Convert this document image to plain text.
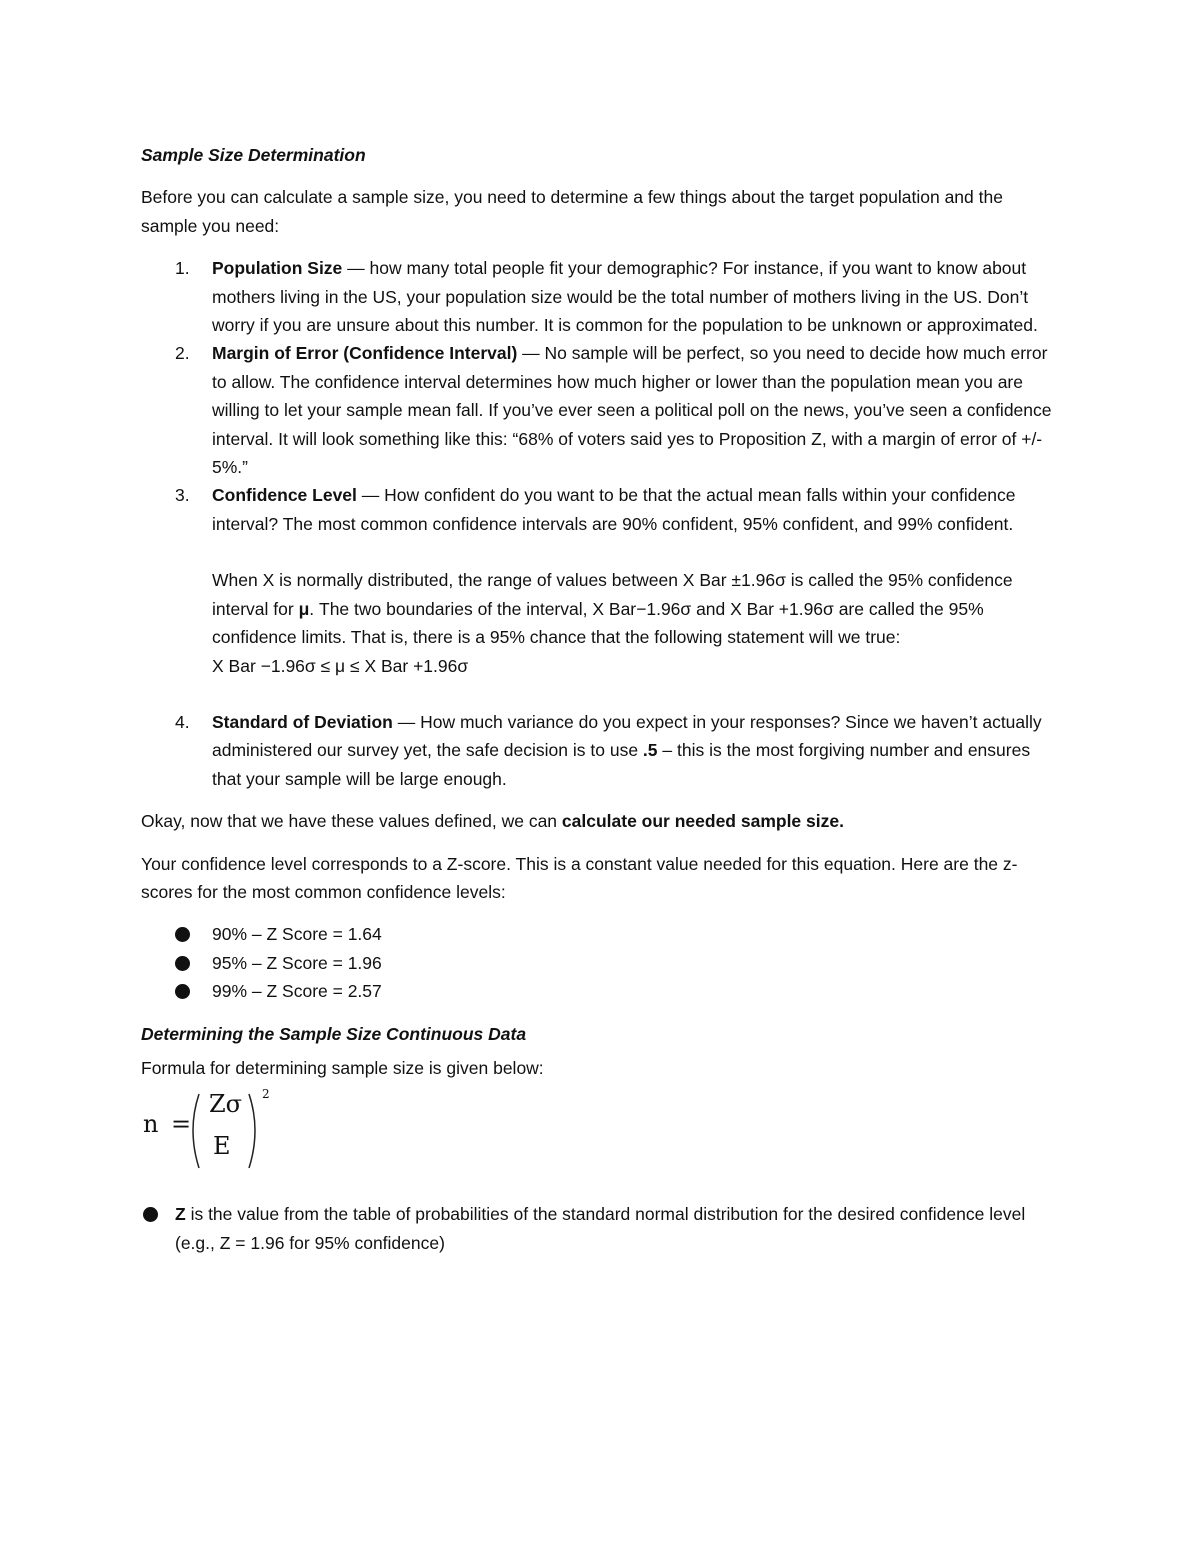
Sample Size Determination

Before you can calculate a sample size, you need to determine a few things about the target population and the sample you need:

1. Population Size — how many total people fit your demographic? For instance, if you want to know about mothers living in the US, your population size would be the total number of mothers living in the US. Don’t worry if you are unsure about this number. It is common for the population to be unknown or approximated.
2. Margin of Error (Confidence Interval) — No sample will be perfect, so you need to decide how much error to allow. The confidence interval determines how much higher or lower than the population mean you are willing to let your sample mean fall. If you’ve ever seen a political poll on the news, you’ve seen a confidence interval. It will look something like this: “68% of voters said yes to Proposition Z, with a margin of error of +/- 5%.”
3. Confidence Level — How confident do you want to be that the actual mean falls within your confidence interval? The most common confidence intervals are 90% confident, 95% confident, and 99% confident.

When X is normally distributed, the range of values between X Bar ±1.96σ is called the 95% confidence interval for μ. The two boundaries of the interval, X Bar−1.96σ and X Bar +1.96σ are called the 95% confidence limits. That is, there is a 95% chance that the following statement will we true:

X Bar −1.96σ ≤ μ ≤ X Bar +1.96σ

4. Standard of Deviation — How much variance do you expect in your responses? Since we haven’t actually administered our survey yet, the safe decision is to use .5 – this is the most forgiving number and ensures that your sample will be large enough.

Okay, now that we have these values defined, we can calculate our needed sample size.

Your confidence level corresponds to a Z-score. This is a constant value needed for this equation. Here are the z-scores for the most common confidence levels:

90% – Z Score = 1.64
95% – Z Score = 1.96
99% – Z Score = 2.57

Determining the Sample Size Continuous Data

Formula for determining sample size is given below:

n =
Zσ
E
2
Z is the value from the table of probabilities of the standard normal distribution for the desired confidence level (e.g., Z = 1.96 for 95% confidence)
